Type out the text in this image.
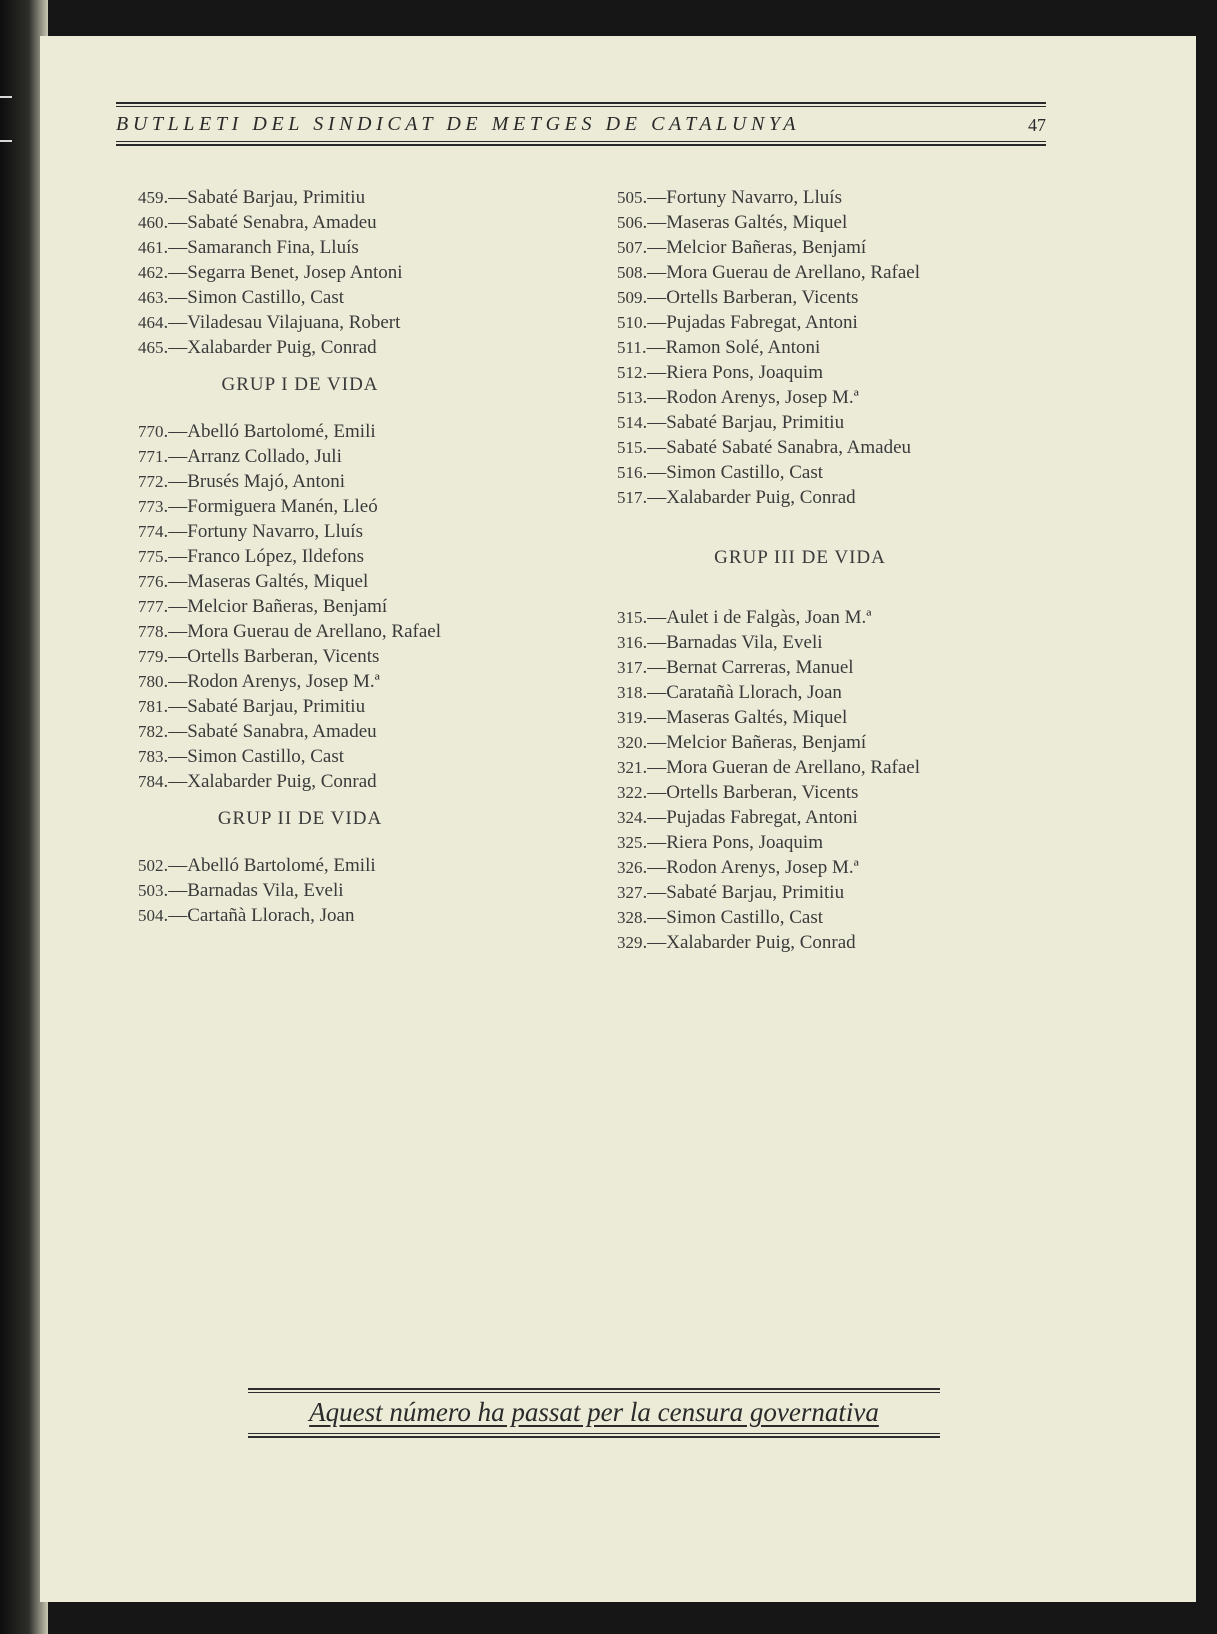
BUTLLETI DEL SINDICAT DE METGES DE CATALUNYA	47
459.—Sabaté Barjau, Primitiu
460.—Sabaté Senabra, Amadeu
461.—Samaranch Fina, Lluís
462.—Segarra Benet, Josep Antoni
463.—Simon Castillo, Cast
464.—Viladesau Vilajuana, Robert
465.—Xalabarder Puig, Conrad
GRUP I DE VIDA
770.—Abelló Bartolomé, Emili
771.—Arranz Collado, Juli
772.—Brusés Majó, Antoni
773.—Formiguera Manén, Lleó
774.—Fortuny Navarro, Lluís
775.—Franco López, Ildefons
776.—Maseras Galtés, Miquel
777.—Melcior Bañeras, Benjamí
778.—Mora Guerau de Arellano, Rafael
779.—Ortells Barberan, Vicents
780.—Rodon Arenys, Josep M.ª
781.—Sabaté Barjau, Primitiu
782.—Sabaté Sanabra, Amadeu
783.—Simon Castillo, Cast
784.—Xalabarder Puig, Conrad
GRUP II DE VIDA
502.—Abelló Bartolomé, Emili
503.—Barnadas Vila, Eveli
504.—Cartañà Llorach, Joan
505.—Fortuny Navarro, Lluís
506.—Maseras Galtés, Miquel
507.—Melcior Bañeras, Benjamí
508.—Mora Guerau de Arellano, Rafael
509.—Ortells Barberan, Vicents
510.—Pujadas Fabregat, Antoni
511.—Ramon Solé, Antoni
512.—Riera Pons, Joaquim
513.—Rodon Arenys, Josep M.ª
514.—Sabaté Barjau, Primitiu
515.—Sabaté Sabaté Sanabra, Amadeu
516.—Simon Castillo, Cast
517.—Xalabarder Puig, Conrad
GRUP III DE VIDA
315.—Aulet i de Falgàs, Joan M.ª
316.—Barnadas Vila, Eveli
317.—Bernat Carreras, Manuel
318.—Caratañà Llorach, Joan
319.—Maseras Galtés, Miquel
320.—Melcior Bañeras, Benjamí
321.—Mora Gueran de Arellano, Rafael
322.—Ortells Barberan, Vicents
324.—Pujadas Fabregat, Antoni
325.—Riera Pons, Joaquim
326.—Rodon Arenys, Josep M.ª
327.—Sabaté Barjau, Primitiu
328.—Simon Castillo, Cast
329.—Xalabarder Puig, Conrad
Aquest número ha passat per la censura governativa
